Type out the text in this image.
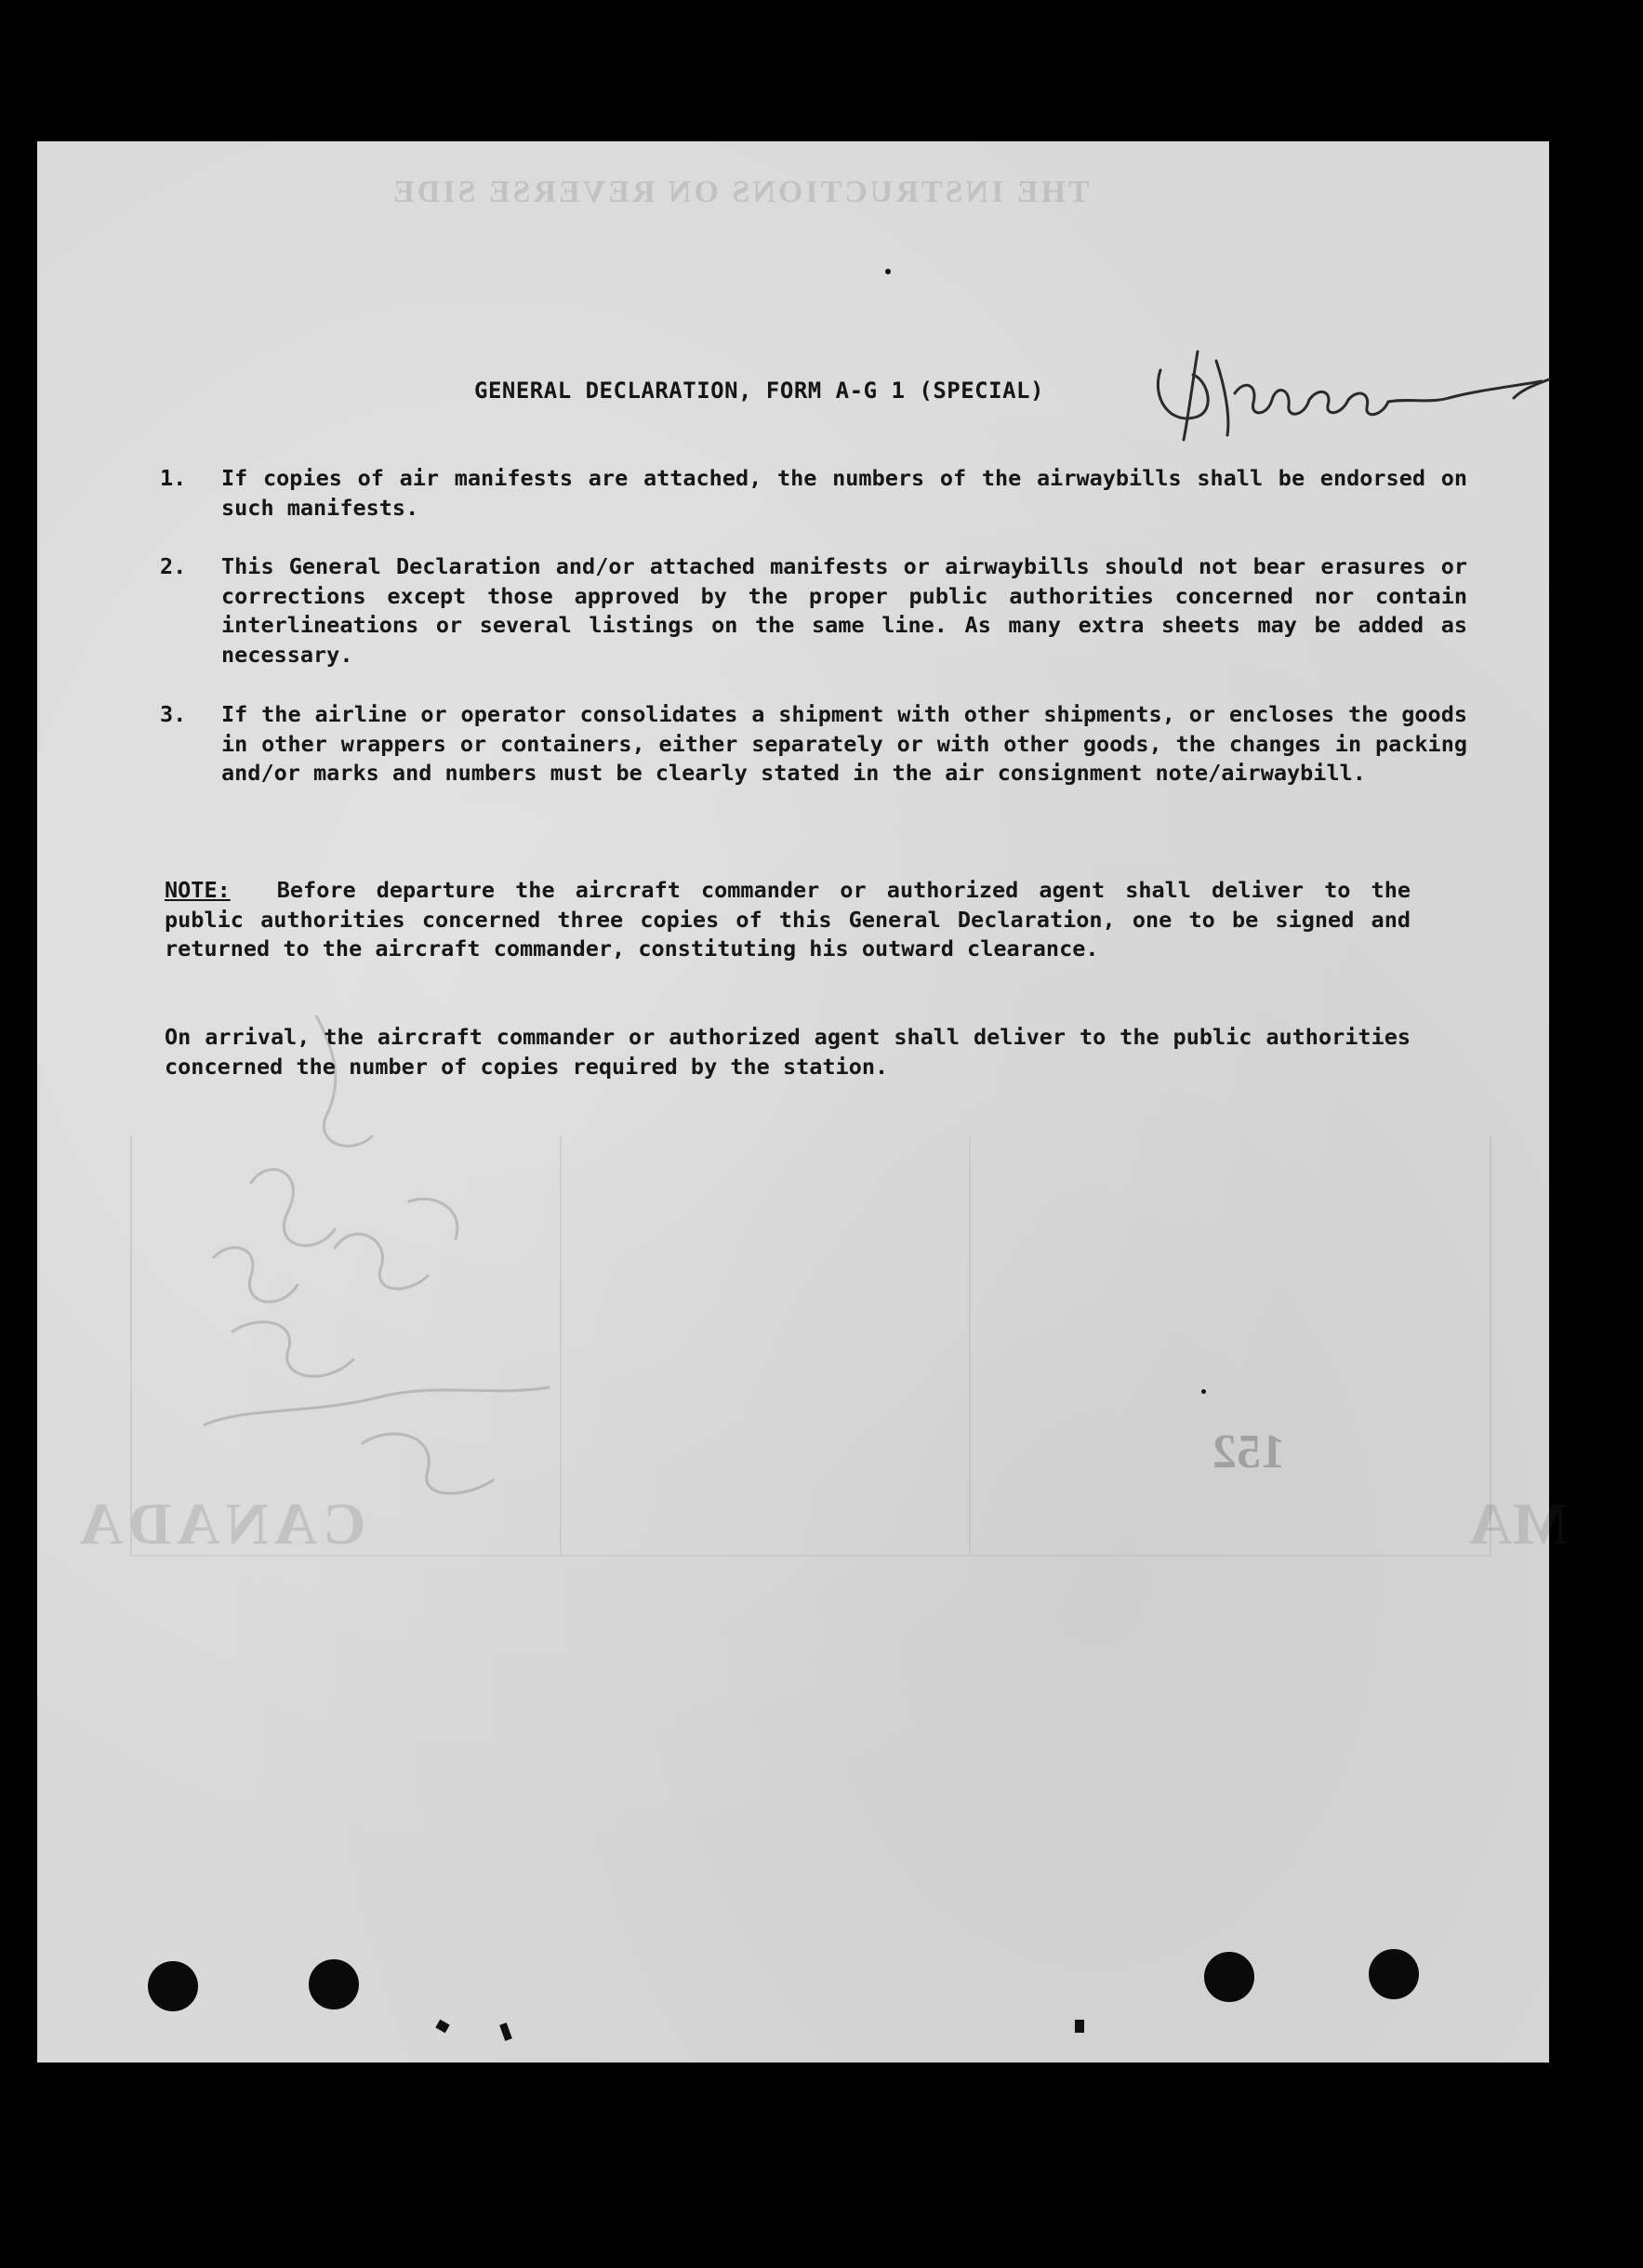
THE INSTRUCTIONS ON REVERSE SIDE
CANADA	MA
152
GENERAL DECLARATION, FORM A-G 1 (SPECIAL)
1. If copies of air manifests are attached, the numbers of the airwaybills shall be endorsed on such manifests.
2. This General Declaration and/or attached manifests or airwaybills should not bear erasures or corrections except those approved by the proper public authorities concerned nor contain interlineations or several listings on the same line. As many extra sheets may be added as necessary.
3. If the airline or operator consolidates a shipment with other shipments, or encloses the goods in other wrappers or containers, either separately or with other goods, the changes in packing and/or marks and numbers must be clearly stated in the air consignment note/airwaybill.
NOTE: Before departure the aircraft commander or authorized agent shall deliver to the public authorities concerned three copies of this General Declaration, one to be signed and returned to the aircraft commander, constituting his outward clearance.
On arrival, the aircraft commander or authorized agent shall deliver to the public authorities concerned the number of copies required by the station.
